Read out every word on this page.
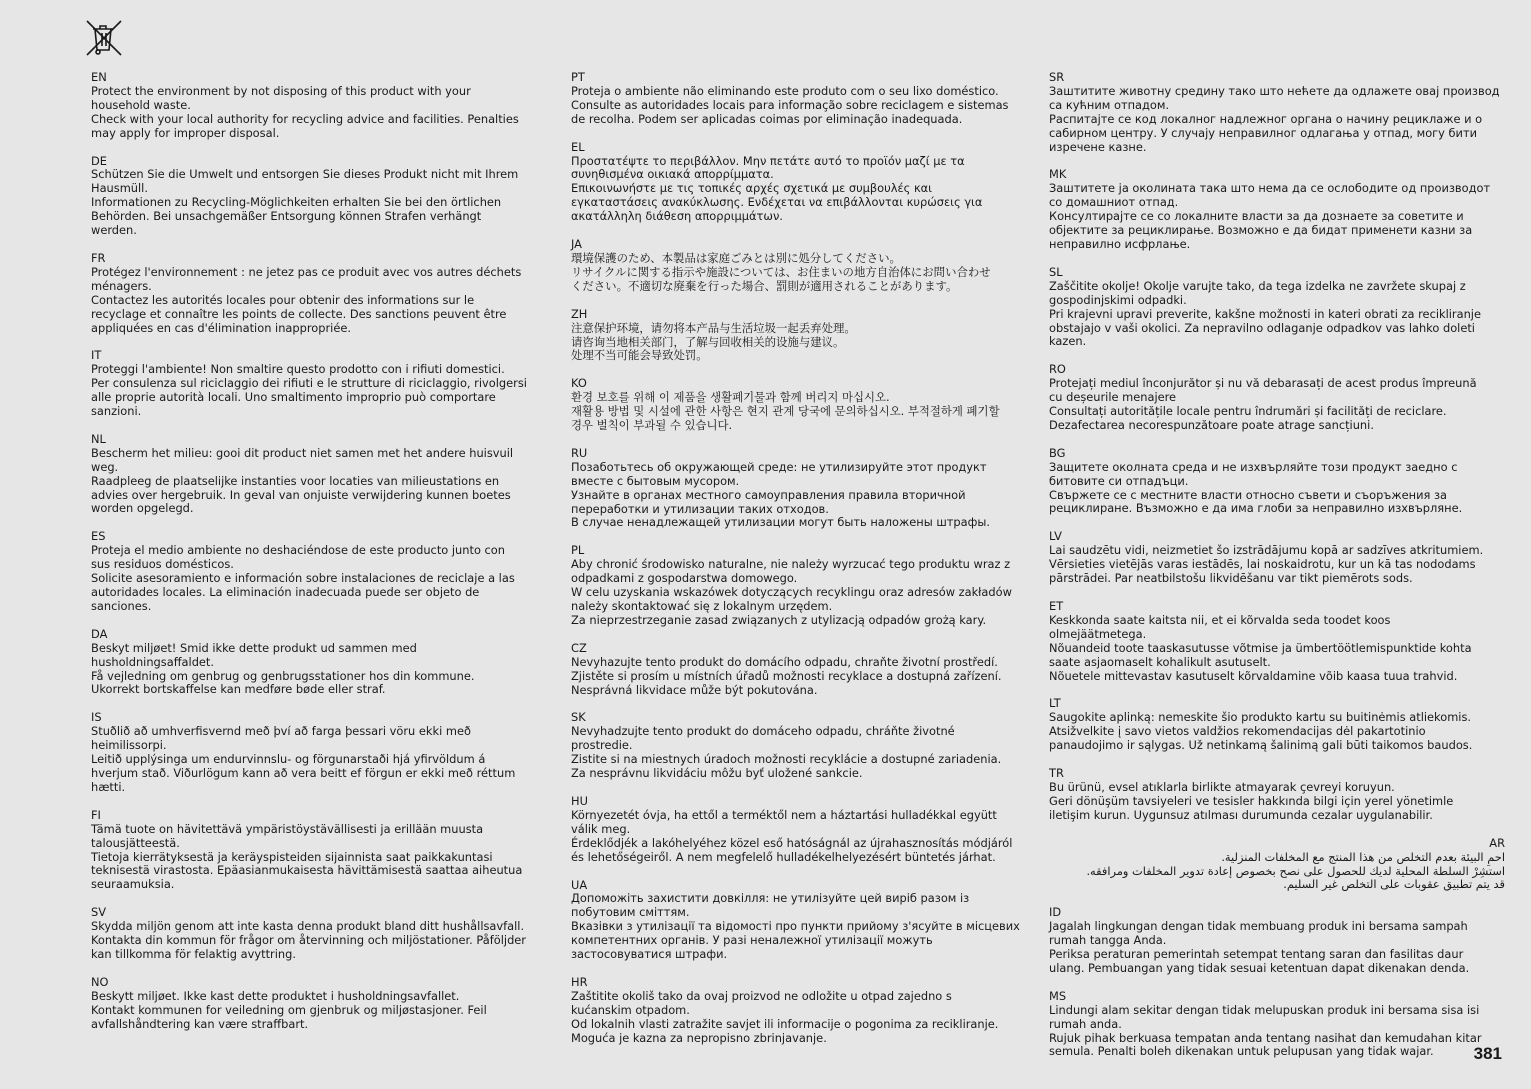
EN
Protect the environment by not disposing of this product with your
household waste.
Check with your local authority for recycling advice and facilities. Penalties
may apply for improper disposal.
DE
Schützen Sie die Umwelt und entsorgen Sie dieses Produkt nicht mit Ihrem
Hausmüll.
Informationen zu Recycling-Möglichkeiten erhalten Sie bei den örtlichen
Behörden. Bei unsachgemäßer Entsorgung können Strafen verhängt
werden.
FR
Protégez l'environnement : ne jetez pas ce produit avec vos autres déchets
ménagers.
Contactez les autorités locales pour obtenir des informations sur le
recyclage et connaître les points de collecte. Des sanctions peuvent être
appliquées en cas d'élimination inappropriée.
IT
Proteggi l'ambiente! Non smaltire questo prodotto con i rifiuti domestici.
Per consulenza sul riciclaggio dei rifiuti e le strutture di riciclaggio, rivolgersi
alle proprie autorità locali. Uno smaltimento improprio può comportare
sanzioni.
NL
Bescherm het milieu: gooi dit product niet samen met het andere huisvuil
weg.
Raadpleeg de plaatselijke instanties voor locaties van milieustations en
advies over hergebruik. In geval van onjuiste verwijdering kunnen boetes
worden opgelegd.
ES
Proteja el medio ambiente no deshaciéndose de este producto junto con
sus residuos domésticos.
Solicite asesoramiento e información sobre instalaciones de reciclaje a las
autoridades locales. La eliminación inadecuada puede ser objeto de
sanciones.
DA
Beskyt miljøet! Smid ikke dette produkt ud sammen med
husholdningsaffaldet.
Få vejledning om genbrug og genbrugsstationer hos din kommune.
Ukorrekt bortskaffelse kan medføre bøde eller straf.
IS
Stuðlið að umhverfisvernd með því að farga þessari vöru ekki með
heimilissorpi.
Leitið upplýsinga um endurvinnslu- og förgunarstaði hjá yfirvöldum á
hverjum stað. Viðurlögum kann að vera beitt ef förgun er ekki með réttum
hætti.
FI
Tämä tuote on hävitettävä ympäristöystävällisesti ja erillään muusta
talousjätteestä.
Tietoja kierrätyksestä ja keräyspisteiden sijainnista saat paikkakuntasi
teknisestä virastosta. Epäasianmukaisesta hävittämisestä saattaa aiheutua
seuraamuksia.
SV
Skydda miljön genom att inte kasta denna produkt bland ditt hushållsavfall.
Kontakta din kommun för frågor om återvinning och miljöstationer. Påföljder
kan tillkomma för felaktig avyttring.
NO
Beskytt miljøet. Ikke kast dette produktet i husholdningsavfallet.
Kontakt kommunen for veiledning om gjenbruk og miljøstasjoner. Feil
avfallshåndtering kan være straffbart.
PT
Proteja o ambiente não eliminando este produto com o seu lixo doméstico.
Consulte as autoridades locais para informação sobre reciclagem e sistemas
de recolha. Podem ser aplicadas coimas por eliminação inadequada.
EL
Προστατέψτε το περιβάλλον. Μην πετάτε αυτό το προϊόν μαζί με τα
συνηθισμένα οικιακά απορρίμματα.
Επικοινωνήστε με τις τοπικές αρχές σχετικά με συμβουλές και
εγκαταστάσεις ανακύκλωσης. Ενδέχεται να επιβάλλονται κυρώσεις για
ακατάλληλη διάθεση απορριμμάτων.
JA
環境保護のため、本製品は家庭ごみとは別に処分してください。
リサイクルに関する指示や施設については、お住まいの地方自治体にお問い合わせ
ください。不適切な廃棄を行った場合、罰則が適用されることがあります。
ZH
注意保护环境，请勿将本产品与生活垃圾一起丢弃处理。
请咨询当地相关部门，了解与回收相关的设施与建议。
处理不当可能会导致处罚。
KO
환경 보호를 위해 이 제품을 생활폐기물과 함께 버리지 마십시오.
재활용 방법 및 시설에 관한 사항은 현지 관계 당국에 문의하십시오. 부적절하게 폐기할
경우 벌칙이 부과될 수 있습니다.
RU
Позаботьтесь об окружающей среде: не утилизируйте этот продукт
вместе с бытовым мусором.
Узнайте в органах местного самоуправления правила вторичной
переработки и утилизации таких отходов.
В случае ненадлежащей утилизации могут быть наложены штрафы.
PL
Aby chronić środowisko naturalne, nie należy wyrzucać tego produktu wraz z
odpadkami z gospodarstwa domowego.
W celu uzyskania wskazówek dotyczących recyklingu oraz adresów zakładów
należy skontaktować się z lokalnym urzędem.
Za nieprzestrzeganie zasad związanych z utylizacją odpadów grożą kary.
CZ
Nevyhazujte tento produkt do domácího odpadu, chraňte životní prostředí.
Zjistěte si prosím u místních úřadů možnosti recyklace a dostupná zařízení.
Nesprávná likvidace může být pokutována.
SK
Nevyhadzujte tento produkt do domáceho odpadu, chráňte životné
prostredie.
Zistite si na miestnych úradoch možnosti recyklácie a dostupné zariadenia.
Za nesprávnu likvidáciu môžu byť uložené sankcie.
HU
Környezetét óvja, ha ettől a terméktől nem a háztartási hulladékkal együtt
válik meg.
Érdeklődjék a lakóhelyéhez közel eső hatóságnál az újrahasznosítás módjáról
és lehetőségeiről. A nem megfelelő hulladékelhelyezésért büntetés járhat.
UA
Допоможіть захистити довкілля: не утилізуйте цей виріб разом із
побутовим сміттям.
Вказівки з утилізації та відомості про пункти прийому з'ясуйте в місцевих
компетентних органів. У разі неналежної утилізації можуть
застосовуватися штрафи.
HR
Zaštitite okoliš tako da ovaj proizvod ne odložite u otpad zajedno s
kućanskim otpadom.
Od lokalnih vlasti zatražite savjet ili informacije o pogonima za recikliranje.
Moguća je kazna za nepropisno zbrinjavanje.
SR
Заштитите животну средину тако што нећете да одлажете овај производ
са кућним отпадом.
Распитајте се код локалног надлежног органа о начину рециклаже и о
сабирном центру. У случају неправилног одлагања у отпад, могу бити
изречене казне.
MK
Заштитете ја околината така што нема да се ослободите од производот
со домашниот отпад.
Консултирајте се со локалните власти за да дознаете за советите и
објектите за рециклирање. Возможно е да бидат применети казни за
неправилно исфрлање.
SL
Zaščitite okolje! Okolje varujte tako, da tega izdelka ne zavržete skupaj z
gospodinjskimi odpadki.
Pri krajevni upravi preverite, kakšne možnosti in kateri obrati za recikliranje
obstajajo v vaši okolici. Za nepravilno odlaganje odpadkov vas lahko doleti
kazen.
RO
Protejați mediul înconjurător și nu vă debarasați de acest produs împreună
cu deșeurile menajere
Consultați autoritățile locale pentru îndrumări și facilități de reciclare.
Dezafectarea necorespunzătoare poate atrage sancțiuni.
BG
Защитете околната среда и не изхвърляйте този продукт заедно с
битовите си отпадъци.
Свържете се с местните власти относно съвети и съоръжения за
рециклиране. Възможно е да има глоби за неправилно изхвърляне.
LV
Lai saudzētu vidi, neizmetiet šo izstrādājumu kopā ar sadzīves atkritumiem.
Vērsieties vietējās varas iestādēs, lai noskaidrotu, kur un kā tas nododams
pārstrādei. Par neatbilstošu likvidēšanu var tikt piemērots sods.
ET
Keskkonda saate kaitsta nii, et ei kõrvalda seda toodet koos
olmejäätmetega.
Nõuandeid toote taaskasutusse võtmise ja ümbertöötlemispunktide kohta
saate asjaomaselt kohalikult asutuselt.
Nõuetele mittevastav kasutuselt kõrvaldamine võib kaasa tuua trahvid.
LT
Saugokite aplinką: nemeskite šio produkto kartu su buitinėmis atliekomis.
Atsižvelkite į savo vietos valdžios rekomendacijas dėl pakartotinio
panaudojimo ir sąlygas. Už netinkamą šalinimą gali būti taikomos baudos.
TR
Bu ürünü, evsel atıklarla birlikte atmayarak çevreyi koruyun.
Geri dönüşüm tavsiyeleri ve tesisler hakkında bilgi için yerel yönetimle
iletişim kurun. Uygunsuz atılması durumunda cezalar uygulanabilir.
AR
احمِ البيئة بعدم التخلص من هذا المنتج مع المخلفات المنزلية.
استشِرْ السلطة المحلية لديك للحصول على نصح بخصوص إعادة تدوير المخلفات ومرافقه.
قد يتم تطبيق عقوبات على التخلص غير السليم.
ID
Jagalah lingkungan dengan tidak membuang produk ini bersama sampah
rumah tangga Anda.
Periksa peraturan pemerintah setempat tentang saran dan fasilitas daur
ulang. Pembuangan yang tidak sesuai ketentuan dapat dikenakan denda.
MS
Lindungi alam sekitar dengan tidak melupuskan produk ini bersama sisa isi
rumah anda.
Rujuk pihak berkuasa tempatan anda tentang nasihat dan kemudahan kitar
semula. Penalti boleh dikenakan untuk pelupusan yang tidak wajar.	381
